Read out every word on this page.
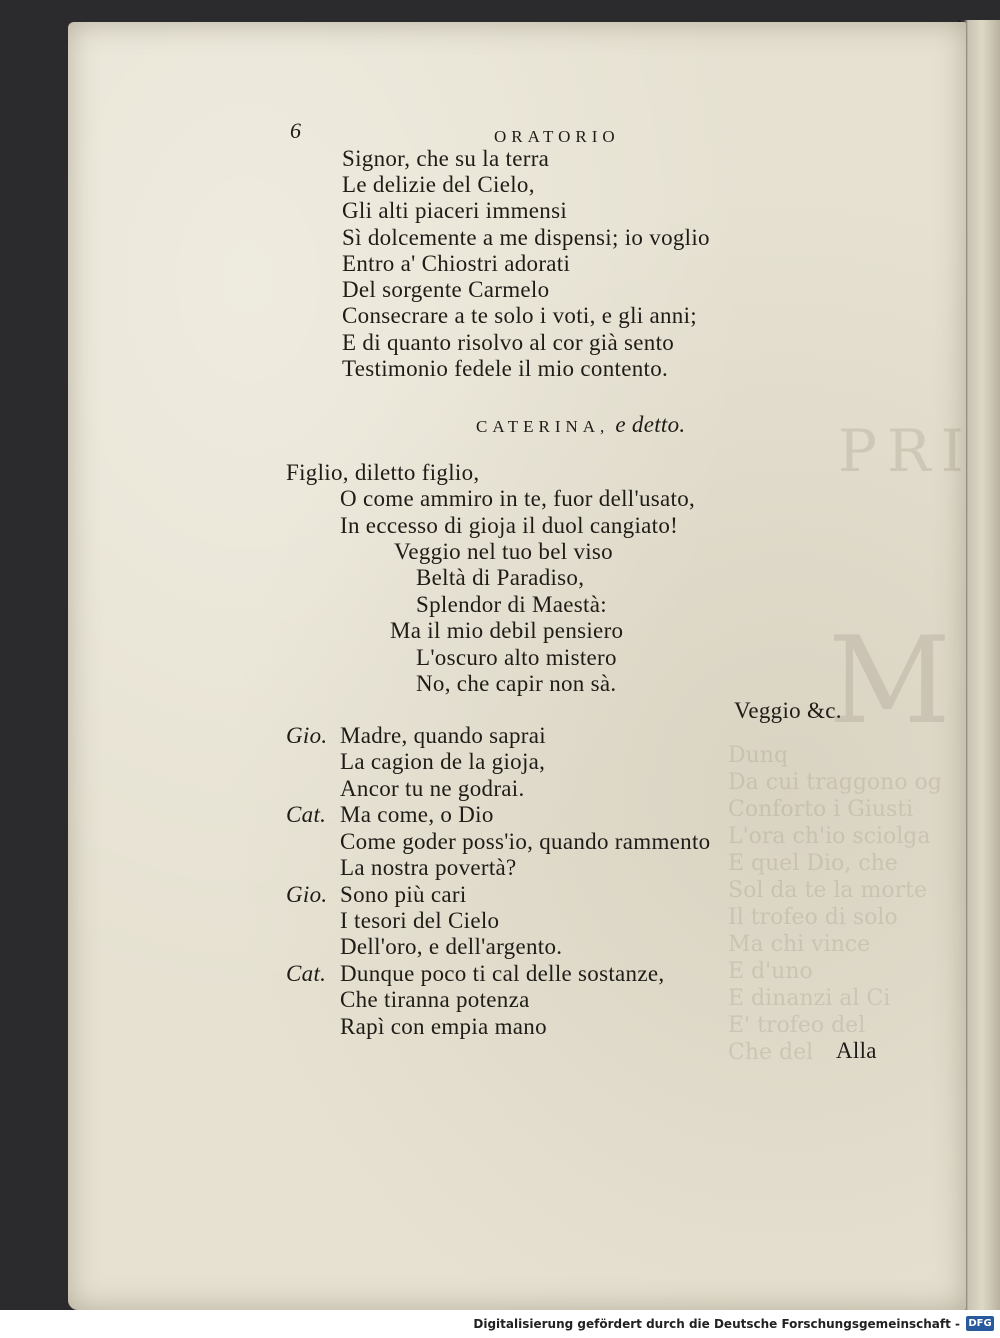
PRI
M
Dunq
Da cui traggono og
Conforto i Giusti
L'ora ch'io sciolga
E quel Dio, che
Sol da te la morte
Il trofeo di solo
Ma chi vince
E d'uno
E dinanzi al Ci
E' trofeo del
Che del
6	ORATORIO
Signor, che su la terra
Le delizie del Cielo,
Gli alti piaceri immensi
Sì dolcemente a me dispensi; io voglio
Entro a' Chiostri adorati
Del sorgente Carmelo
Consecrare a te solo i voti, e gli anni;
E di quanto risolvo al cor già sento
Testimonio fedele il mio contento.
CATERINA, e detto.
Figlio, diletto figlio,
O come ammiro in te, fuor dell'usato,
In eccesso di gioja il duol cangiato!
Veggio nel tuo bel viso
Beltà di Paradiso,
Splendor di Maestà:
Ma il mio debil pensiero
L'oscuro alto mistero
No, che capir non sà.
Veggio &c.
Gio. Madre, quando saprai
La cagion de la gioja,
Ancor tu ne godrai.
Cat. Ma come, o Dio
Come goder poss'io, quando rammento
La nostra povertà?
Gio. Sono più cari
I tesori del Cielo
Dell'oro, e dell'argento.
Cat. Dunque poco ti cal delle sostanze,
Che tiranna potenza
Rapì con empia mano
Alla
Digitalisierung gefördert durch die Deutsche Forschungsgemeinschaft - DFG
